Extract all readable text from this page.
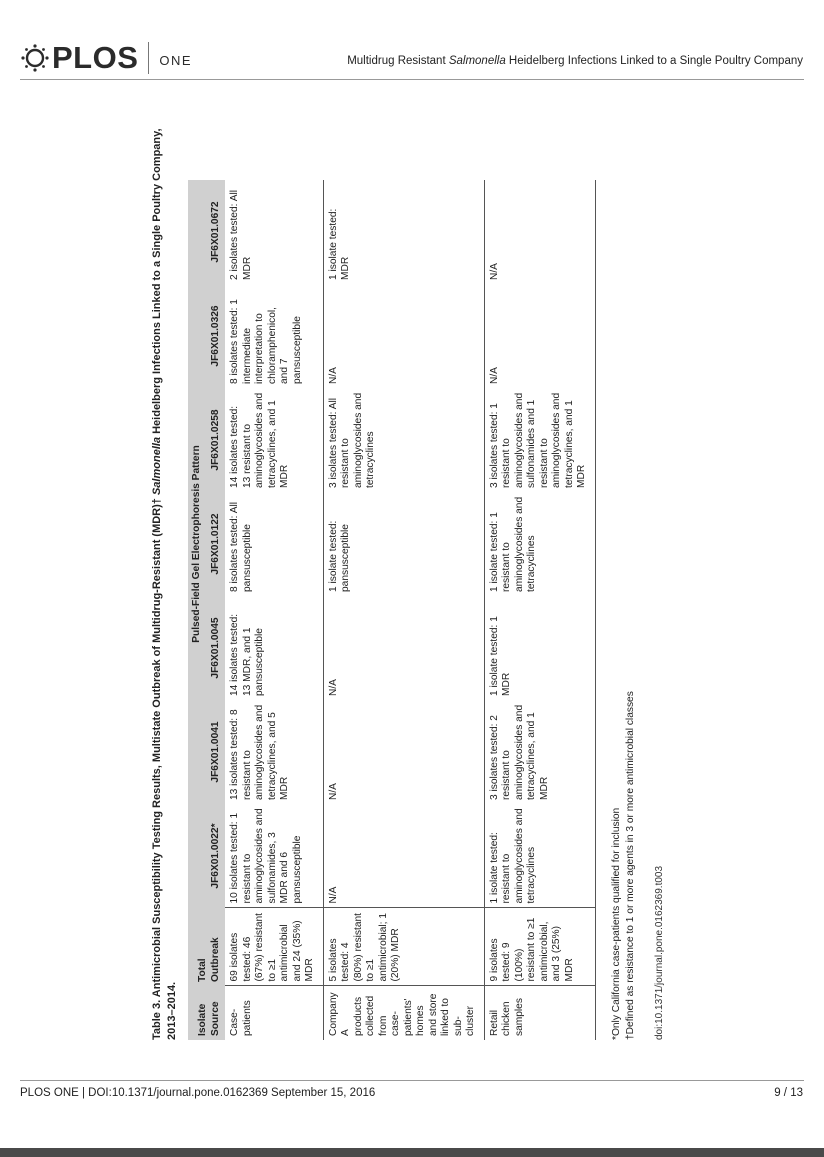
PLOS ONE	Multidrug Resistant Salmonella Heidelberg Infections Linked to a Single Poultry Company
Table 3. Antimicrobial Susceptibility Testing Results, Multistate Outbreak of Multidrug-Resistant (MDR)† Salmonella Heidelberg Infections Linked to a Single Poultry Company, 2013–2014. Isolate Source	Total Outbreak	Pulsed-Field Gel Electrophoresis Pattern						
		JF6X01.0022*	JF6X01.0041	JF6X01.0045	JF6X01.0122	JF6X01.0258	JF6X01.0326	JF6X01.0672
Case-patients	69 isolates tested: 46 (67%) resistant to ≥1 antimicrobial and 24 (35%) MDR	10 isolates tested: 1 resistant to aminoglycosides and sulfonamides, 3 MDR and 6 pansusceptible	13 isolates tested: 8 resistant to aminoglycosides and tetracyclines, and 5 MDR	14 isolates tested: 13 MDR, and 1 pansusceptible	8 isolates tested: All pansusceptible	14 isolates tested: 13 resistant to aminoglycosides and tetracyclines, and 1 MDR	8 isolates tested: 1 intermediate interpretation to chloramphenicol, and 7 pansusceptible	2 isolates tested: All MDR
Company A products collected from case-patients' homes and store linked to sub-cluster	5 isolates tested: 4 (80%) resistant to ≥1 antimicrobial; 1 (20%) MDR	N/A	N/A	N/A	1 isolate tested: pansusceptible	3 isolates tested: All resistant to aminoglycosides and tetracyclines	N/A	1 isolate tested: MDR
Retail chicken samples	9 isolates tested: 9 (100%) resistant to ≥1 antimicrobial, and 3 (25%) MDR	1 isolate tested: resistant to aminoglycosides and tetracyclines	3 isolates tested: 2 resistant to aminoglycosides and tetracyclines, and 1 MDR	1 isolate tested: 1 MDR	1 isolate tested: 1 resistant to aminoglycosides and tetracyclines	3 isolates tested: 1 resistant to aminoglycosides and sulfonamides and 1 resistant to aminoglycosides and tetracyclines, and 1 MDR	N/A	N/A
*Only California case-patients qualified for inclusion †Defined as resistance to 1 or more agents in 3 or more antimicrobial classes doi:10.1371/journal.pone.0162369.t003
PLOS ONE | DOI:10.1371/journal.pone.0162369 September 15, 2016	9 / 13
